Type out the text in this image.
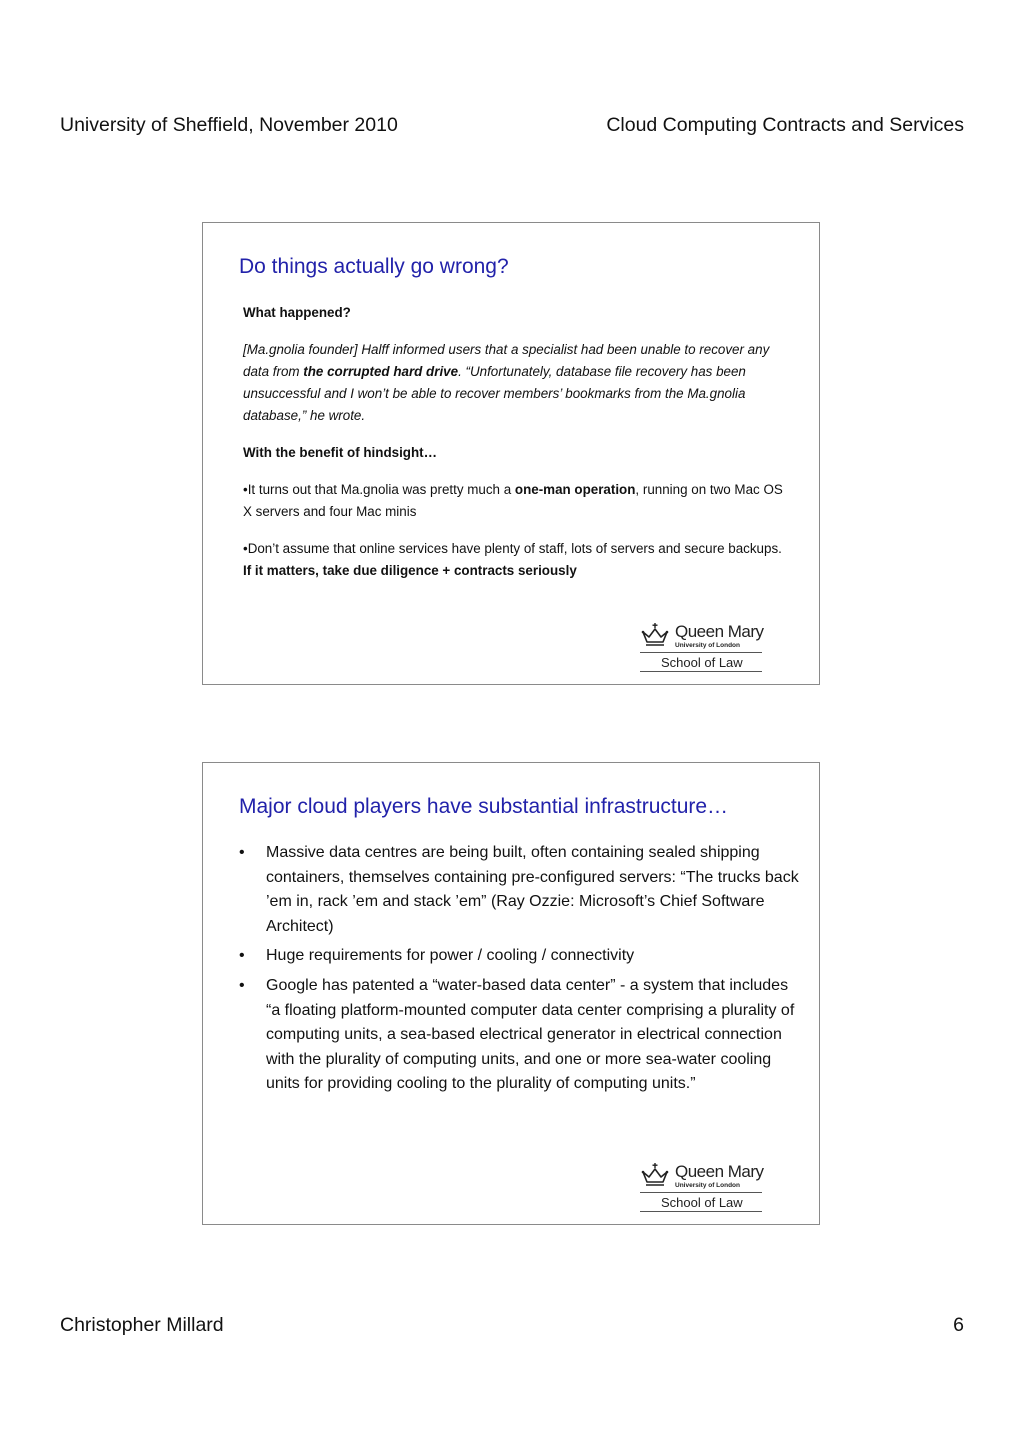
University of Sheffield, November 2010	Cloud Computing Contracts and Services
Do things actually go wrong?

What happened?

[Ma.gnolia founder] Halff informed users that a specialist had been unable to recover any data from the corrupted hard drive. “Unfortunately, database file recovery has been unsuccessful and I won’t be able to recover members’ bookmarks from the Ma.gnolia database,” he wrote.

With the benefit of hindsight…

•It turns out that Ma.gnolia was pretty much a one-man operation, running on two Mac OS X servers and four Mac minis

•Don’t assume that online services have plenty of staff, lots of servers and secure backups. If it matters, take due diligence + contracts seriously

Queen Mary
University of London
School of Law
Major cloud players have substantial infrastructure…
• Massive data centres are being built, often containing sealed shipping containers, themselves containing pre-configured servers: “The trucks back ’em in, rack ’em and stack ’em” (Ray Ozzie: Microsoft’s Chief Software Architect)
• Huge requirements for power / cooling / connectivity
• Google has patented a “water-based data center” - a system that includes “a floating platform-mounted computer data center comprising a plurality of computing units, a sea-based electrical generator in electrical connection with the plurality of computing units, and one or more sea-water cooling units for providing cooling to the plurality of computing units.”
Queen Mary
University of London
School of Law
Christopher Millard	6
